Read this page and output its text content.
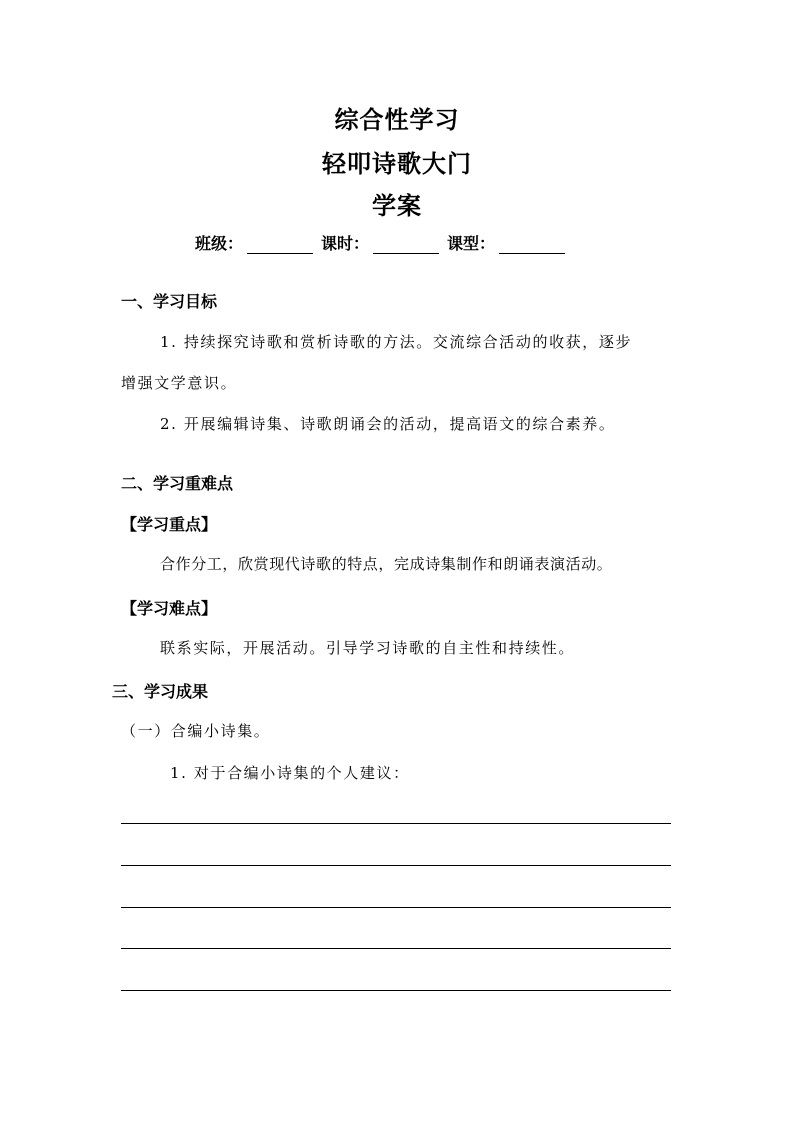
综合性学习
轻叩诗歌大门
学案
班级：	课时：	课型：
一、学习目标
1. 持续探究诗歌和赏析诗歌的方法。交流综合活动的收获，逐步
增强文学意识。
2. 开展编辑诗集、诗歌朗诵会的活动，提高语文的综合素养。
二、学习重难点
【学习重点】
合作分工，欣赏现代诗歌的特点，完成诗集制作和朗诵表演活动。
【学习难点】
联系实际，开展活动。引导学习诗歌的自主性和持续性。
三、学习成果
（一）合编小诗集。
1. 对于合编小诗集的个人建议：
